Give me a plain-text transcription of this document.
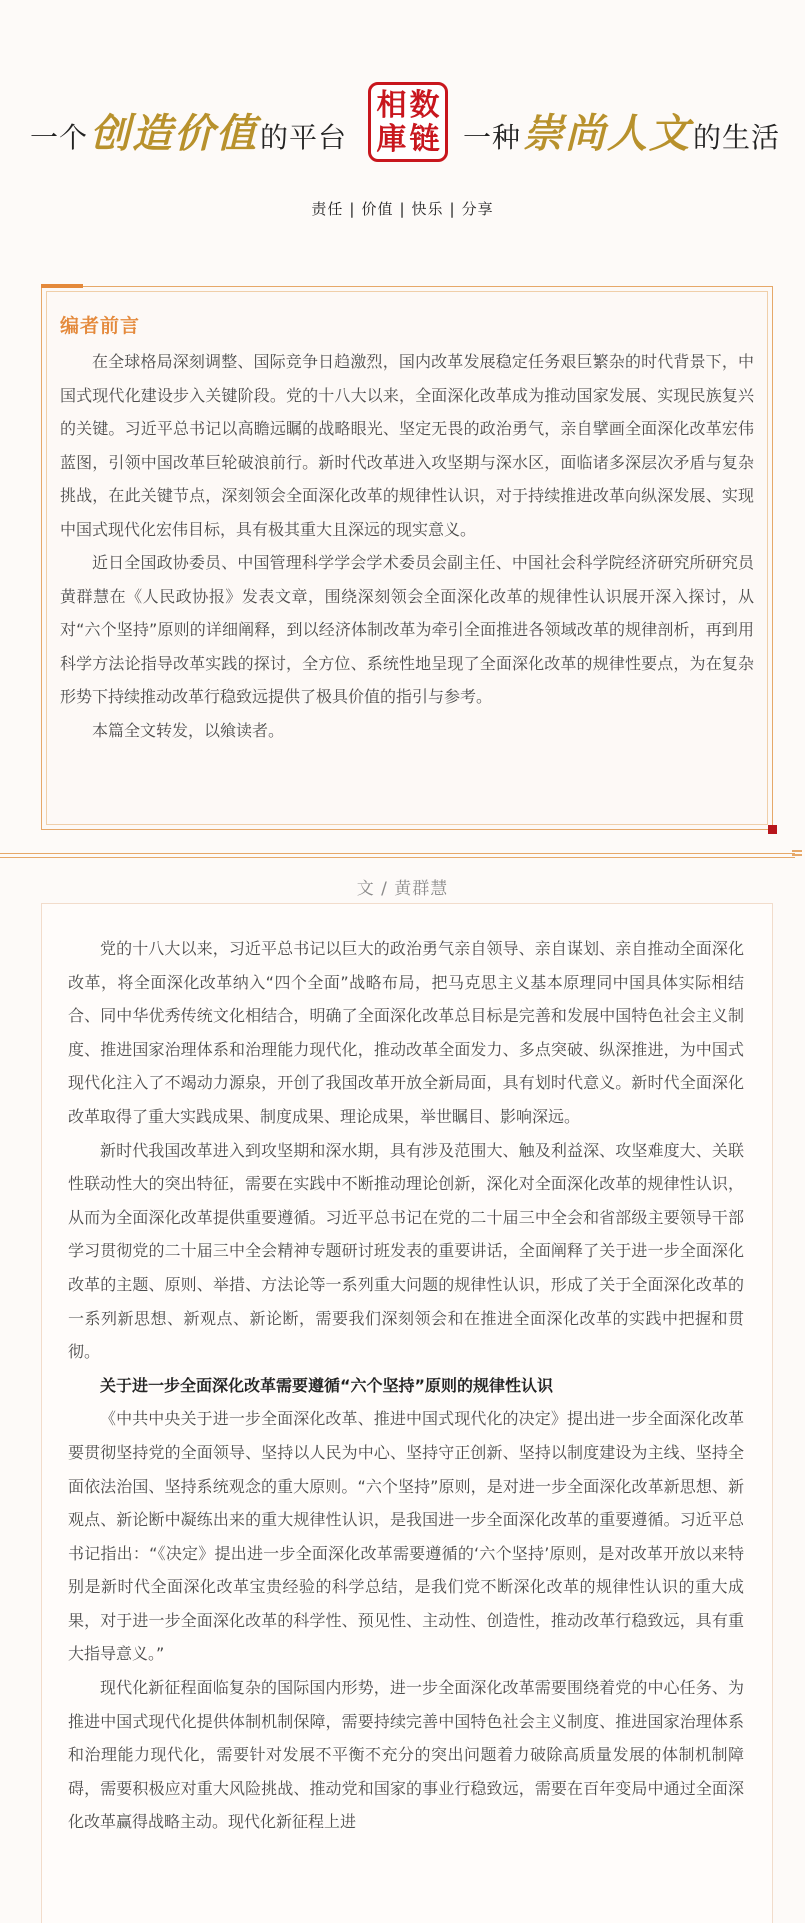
一个 创造价值 的平台
相 数
庫 链 一种 崇尚人文 的生活
责任 | 价值 | 快乐 | 分享
编者前言

在全球格局深刻调整、国际竞争日趋激烈，国内改革发展稳定任务艰巨繁杂的时代背景下，中国式现代化建设步入关键阶段。党的十八大以来，全面深化改革成为推动国家发展、实现民族复兴的关键。习近平总书记以高瞻远瞩的战略眼光、坚定无畏的政治勇气，亲自擘画全面深化改革宏伟蓝图，引领中国改革巨轮破浪前行。新时代改革进入攻坚期与深水区，面临诸多深层次矛盾与复杂挑战，在此关键节点，深刻领会全面深化改革的规律性认识，对于持续推进改革向纵深发展、实现中国式现代化宏伟目标，具有极其重大且深远的现实意义。

近日全国政协委员、中国管理科学学会学术委员会副主任、中国社会科学院经济研究所研究员黄群慧在《人民政协报》发表文章，围绕深刻领会全面深化改革的规律性认识展开深入探讨，从对“六个坚持”原则的详细阐释，到以经济体制改革为牵引全面推进各领域改革的规律剖析，再到用科学方法论指导改革实践的探讨，全方位、系统性地呈现了全面深化改革的规律性要点，为在复杂形势下持续推动改革行稳致远提供了极具价值的指引与参考。

本篇全文转发，以飨读者。

文 / 黄群慧

党的十八大以来，习近平总书记以巨大的政治勇气亲自领导、亲自谋划、亲自推动全面深化改革，将全面深化改革纳入“四个全面”战略布局，把马克思主义基本原理同中国具体实际相结合、同中华优秀传统文化相结合，明确了全面深化改革总目标是完善和发展中国特色社会主义制度、推进国家治理体系和治理能力现代化，推动改革全面发力、多点突破、纵深推进，为中国式现代化注入了不竭动力源泉，开创了我国改革开放全新局面，具有划时代意义。新时代全面深化改革取得了重大实践成果、制度成果、理论成果，举世瞩目、影响深远。

新时代我国改革进入到攻坚期和深水期，具有涉及范围大、触及利益深、攻坚难度大、关联性联动性大的突出特征，需要在实践中不断推动理论创新，深化对全面深化改革的规律性认识，从而为全面深化改革提供重要遵循。习近平总书记在党的二十届三中全会和省部级主要领导干部学习贯彻党的二十届三中全会精神专题研讨班发表的重要讲话，全面阐释了关于进一步全面深化改革的主题、原则、举措、方法论等一系列重大问题的规律性认识，形成了关于全面深化改革的一系列新思想、新观点、新论断，需要我们深刻领会和在推进全面深化改革的实践中把握和贯彻。

关于进一步全面深化改革需要遵循“六个坚持”原则的规律性认识

《中共中央关于进一步全面深化改革、推进中国式现代化的决定》提出进一步全面深化改革要贯彻坚持党的全面领导、坚持以人民为中心、坚持守正创新、坚持以制度建设为主线、坚持全面依法治国、坚持系统观念的重大原则。“六个坚持”原则，是对进一步全面深化改革新思想、新观点、新论断中凝练出来的重大规律性认识，是我国进一步全面深化改革的重要遵循。习近平总书记指出：“《决定》提出进一步全面深化改革需要遵循的‘六个坚持’原则，是对改革开放以来特别是新时代全面深化改革宝贵经验的科学总结，是我们党不断深化改革的规律性认识的重大成果，对于进一步全面深化改革的科学性、预见性、主动性、创造性，推动改革行稳致远，具有重大指导意义。”

现代化新征程面临复杂的国际国内形势，进一步全面深化改革需要围绕着党的中心任务、为推进中国式现代化提供体制机制保障，需要持续完善中国特色社会主义制度、推进国家治理体系和治理能力现代化，需要针对发展不平衡不充分的突出问题着力破除高质量发展的体制机制障碍，需要积极应对重大风险挑战、推动党和国家的事业行稳致远，需要在百年变局中通过全面深化改革赢得战略主动。现代化新征程上进
